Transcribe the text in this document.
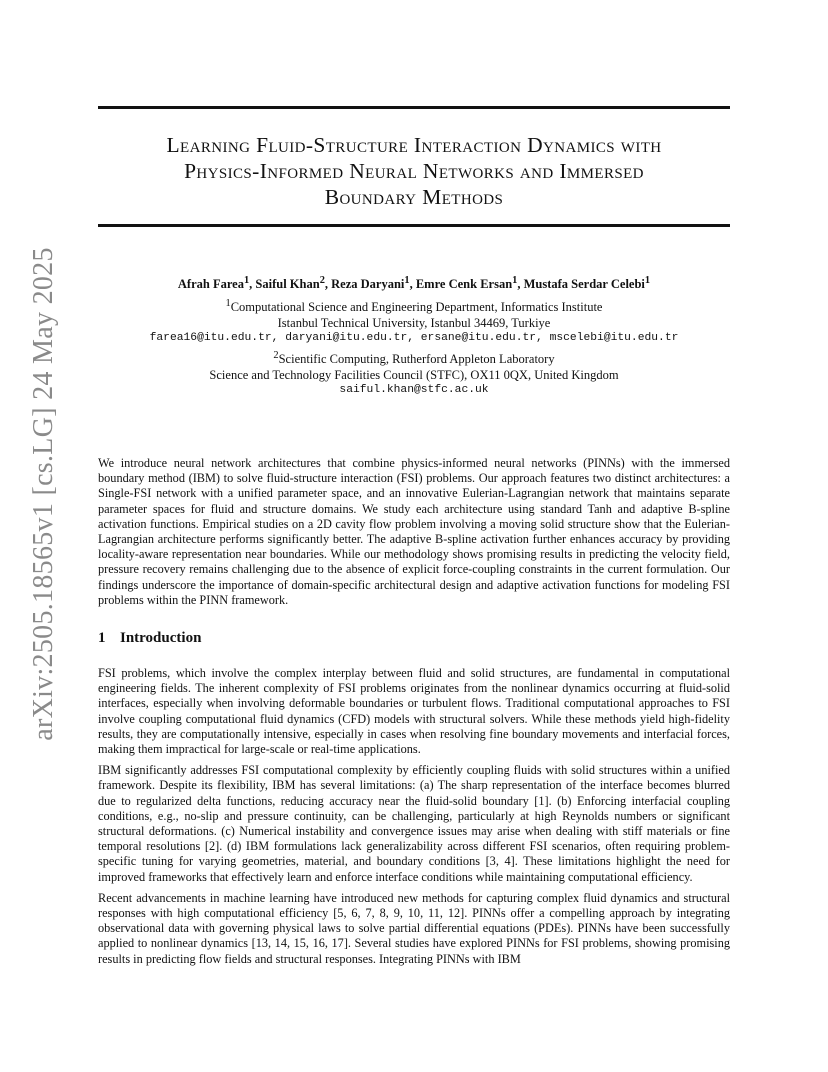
arXiv:2505.18565v1 [cs.LG] 24 May 2025
Learning Fluid-Structure Interaction Dynamics with
Physics-Informed Neural Networks and Immersed
Boundary Methods
Afrah Farea$^1$, Saiful Khan$^2$, Reza Daryani$^1$, Emre Cenk Ersan$^1$, Mustafa Serdar Celebi$^1$
$^1$Computational Science and Engineering Department, Informatics Institute
Istanbul Technical University, Istanbul 34469, Turkiye
farea16@itu.edu.tr, daryani@itu.edu.tr, ersane@itu.edu.tr, mscelebi@itu.edu.tr
$^2$Scientific Computing, Rutherford Appleton Laboratory
Science and Technology Facilities Council (STFC), OX11 0QX, United Kingdom
saiful.khan@stfc.ac.uk

We introduce neural network architectures that combine physics-informed neural networks (PINNs) with the immersed boundary method (IBM) to solve fluid-structure interaction (FSI) problems. Our approach features two distinct architectures: a Single-FSI network with a unified parameter space, and an innovative Eulerian-Lagrangian network that maintains separate parameter spaces for fluid and structure domains. We study each architecture using standard Tanh and adaptive B-spline activation functions. Empirical studies on a 2D cavity flow problem involving a moving solid structure show that the Eulerian-Lagrangian architecture performs significantly better. The adaptive B-spline activation further enhances accuracy by providing locality-aware representation near boundaries. While our methodology shows promising results in predicting the velocity field, pressure recovery remains challenging due to the absence of explicit force-coupling constraints in the current formulation. Our findings underscore the importance of domain-specific architectural design and adaptive activation functions for modeling FSI problems within the PINN framework.

1 Introduction

FSI problems, which involve the complex interplay between fluid and solid structures, are fundamental in computational engineering fields. The inherent complexity of FSI problems originates from the nonlinear dynamics occurring at fluid-solid interfaces, especially when involving deformable boundaries or turbulent flows. Traditional computational approaches to FSI involve coupling computational fluid dynamics (CFD) models with structural solvers. While these methods yield high-fidelity results, they are computationally intensive, especially in cases when resolving fine boundary movements and interfacial forces, making them impractical for large-scale or real-time applications.

IBM significantly addresses FSI computational complexity by efficiently coupling fluids with solid structures within a unified framework. Despite its flexibility, IBM has several limitations: (a) The sharp representation of the interface becomes blurred due to regularized delta functions, reducing accuracy near the fluid-solid boundary [1]. (b) Enforcing interfacial coupling conditions, e.g., no-slip and pressure continuity, can be challenging, particularly at high Reynolds numbers or significant structural deformations. (c) Numerical instability and convergence issues may arise when dealing with stiff materials or fine temporal resolutions [2]. (d) IBM formulations lack generalizability across different FSI scenarios, often requiring problem-specific tuning for varying geometries, material, and boundary conditions [3, 4]. These limitations highlight the need for improved frameworks that effectively learn and enforce interface conditions while maintaining computational efficiency.

Recent advancements in machine learning have introduced new methods for capturing complex fluid dynamics and structural responses with high computational efficiency [5, 6, 7, 8, 9, 10, 11, 12]. PINNs offer a compelling approach by integrating observational data with governing physical laws to solve partial differential equations (PDEs). PINNs have been successfully applied to nonlinear dynamics [13, 14, 15, 16, 17]. Several studies have explored PINNs for FSI problems, showing promising results in predicting flow fields and structural responses. Integrating PINNs with IBM
